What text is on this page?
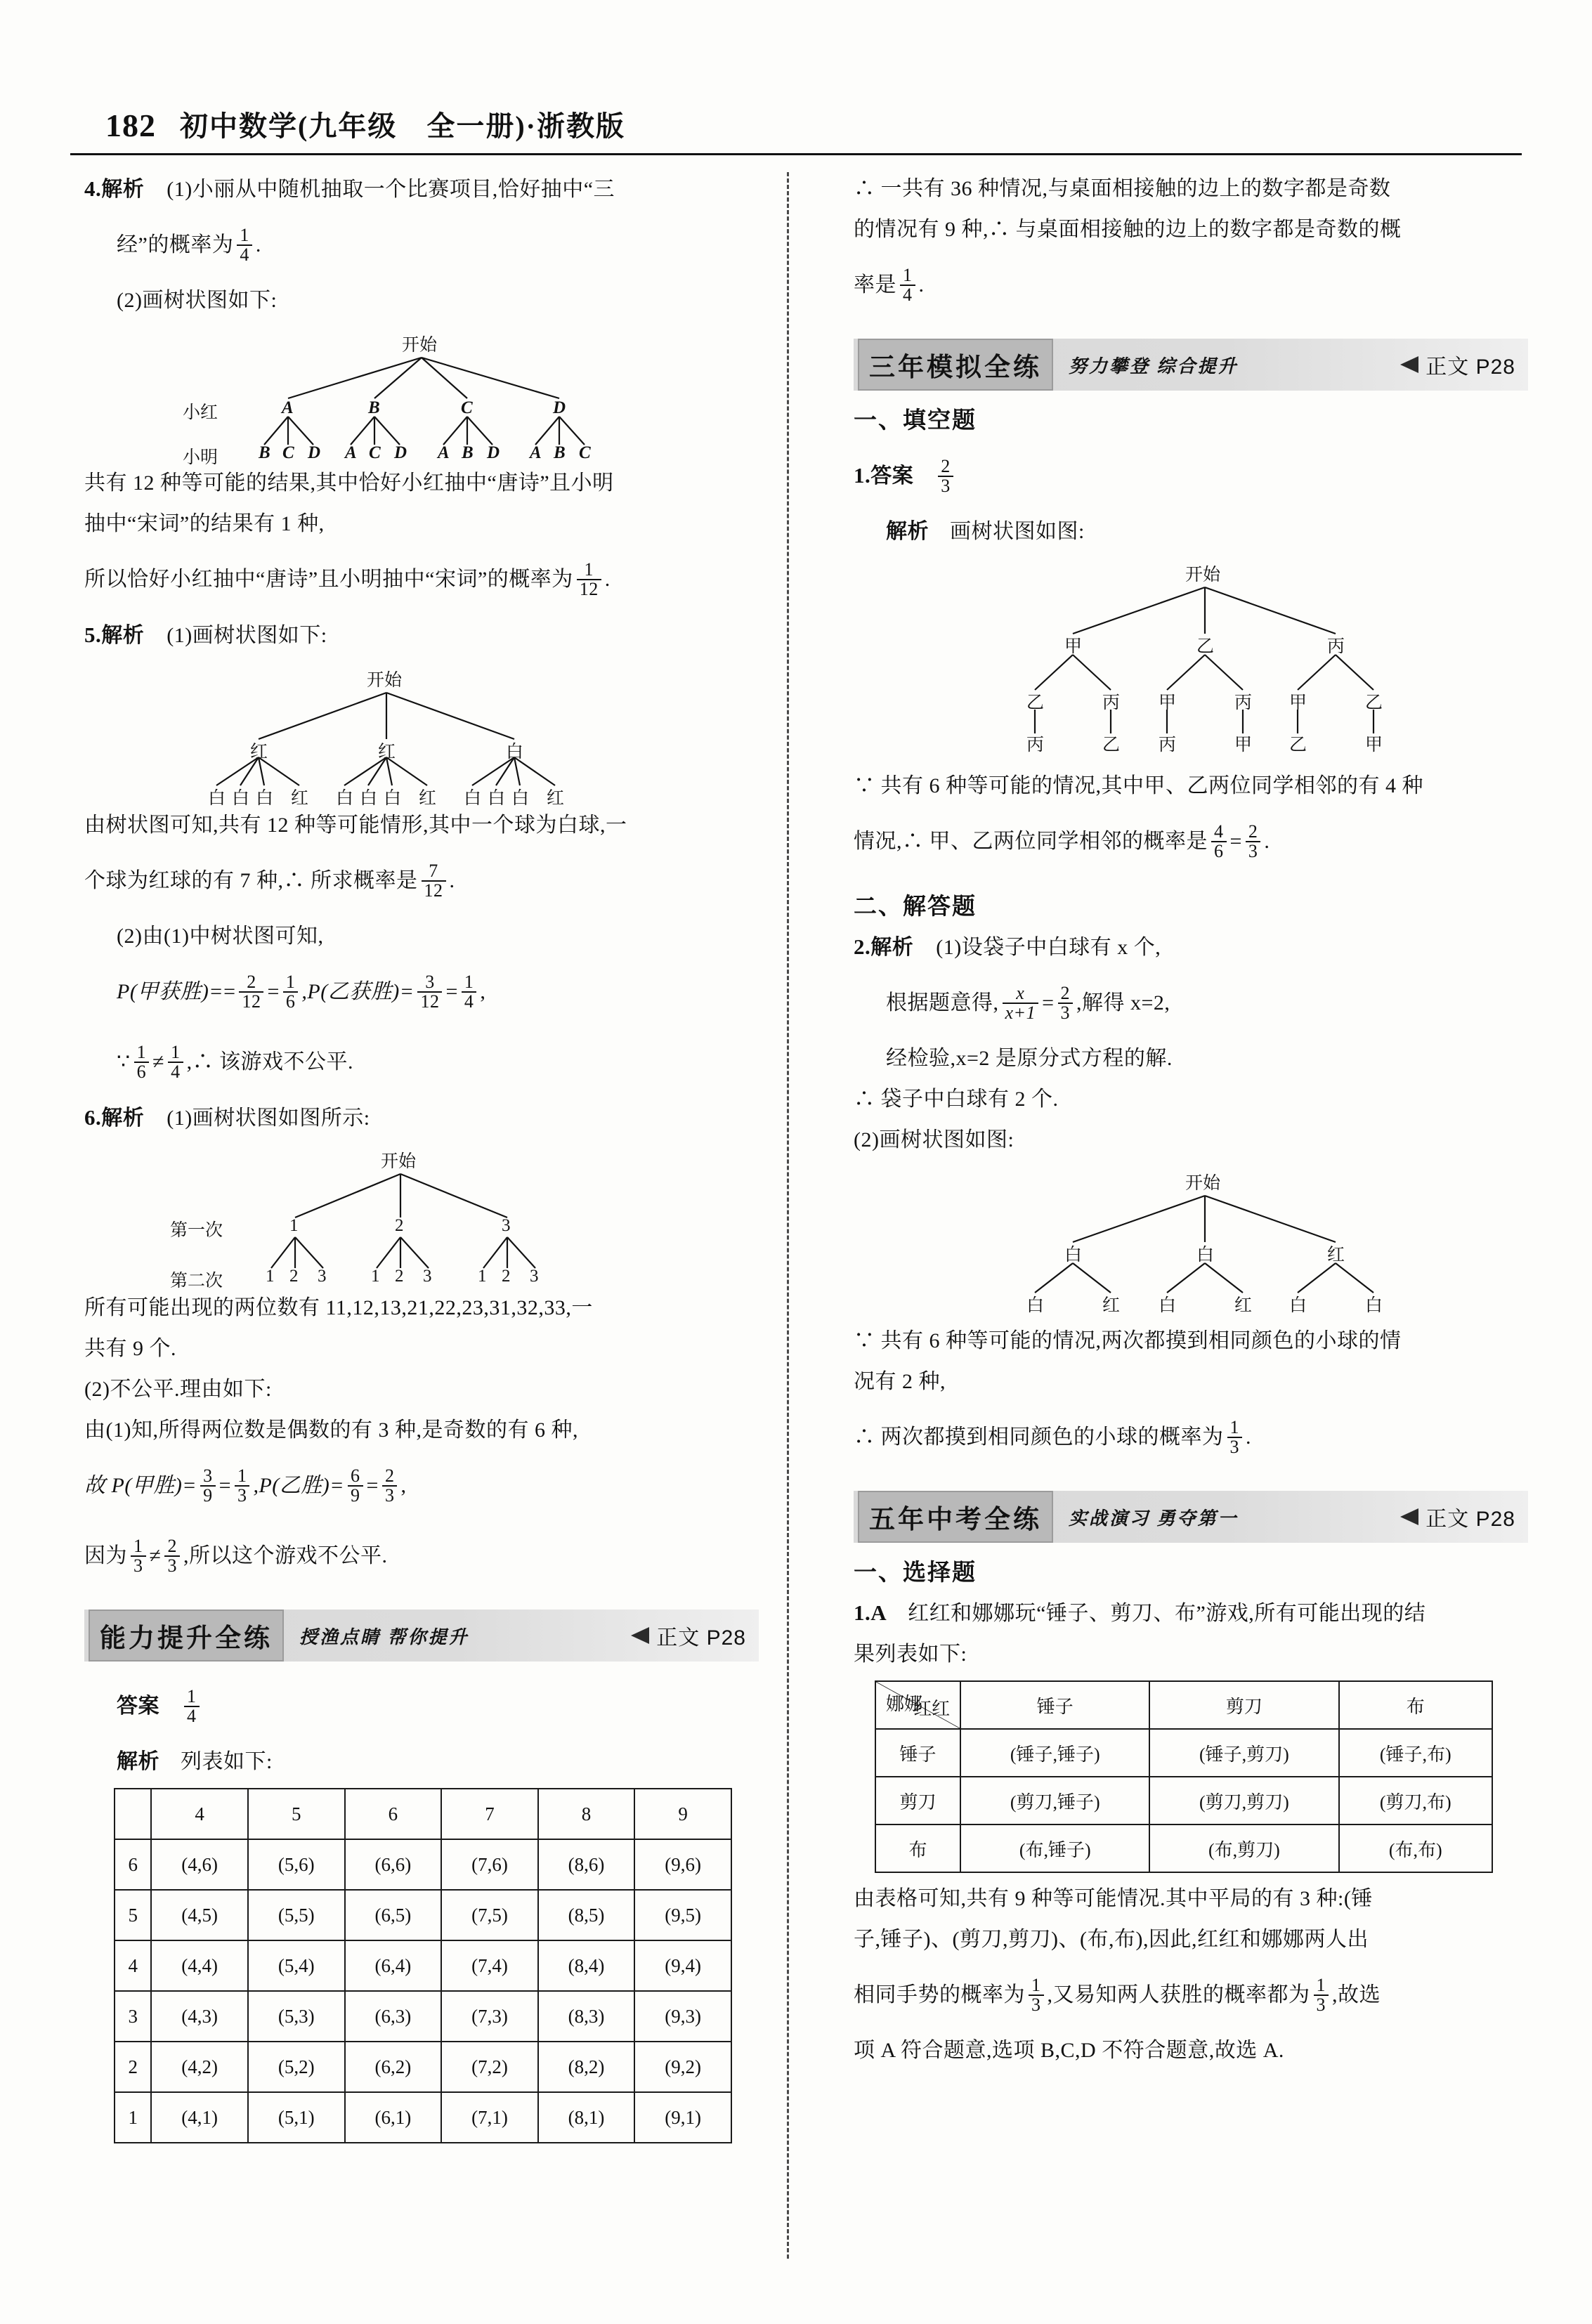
182 初中数学(九年级　全一册)·浙教版
4.解析 (1)小丽从中随机抽取一个比赛项目,恰好抽中“三
经”的概率为 $\frac{1}{4}$ .
(2)画树状图如下:
开始
小红	A	B	C	D
小明 B C D A C D A B D A B C
共有 12 种等可能的结果,其中恰好小红抽中“唐诗”且小明
抽中“宋词”的结果有 1 种,
所以恰好小红抽中“唐诗”且小明抽中“宋词”的概率为 $\frac{1}{12}$ .
5.解析 (1)画树状图如下:
开始
红	红	白
白 白 白 红 白 白 白 红 白 白 白 红
由树状图可知,共有 12 种等可能情形,其中一个球为白球,一
个球为红球的有 7 种,∴ 所求概率是 $\frac{7}{12}$ .
(2)由(1)中树状图可知,
P(甲获胜)== $\frac{2}{12} = \frac{1}{6} ,P$(乙获胜)= $\frac{3}{12} = \frac{1}{4}$ ,
∵ $\frac{1}{6} \ne \frac{1}{4}$ ,∴ 该游戏不公平.
6.解析 (1)画树状图如图所示:
开始
第一次	1	2	3
第二次 1 2 3	1 2 3	1 2 3
所有可能出现的两位数有 11,12,13,21,22,23,31,32,33,一
共有 9 个.
(2)不公平.理由如下:
由(1)知,所得两位数是偶数的有 3 种,是奇数的有 6 种,
故 P(甲胜)= $\frac{3}{9} = \frac{1}{3} ,P$(乙胜)= $\frac{6}{9} = \frac{2}{3}$ ,
因为 $\frac{1}{3} \ne \frac{2}{3}$ ,所以这个游戏不公平.
能力提升全练	授渔点睛 帮你提升	正文 P28
答案 $\frac{1}{4}$
解析 列表如下:
	4	5	6	7	8	9
6	(4,6)	(5,6)	(6,6)	(7,6)	(8,6)	(9,6)
5	(4,5)	(5,5)	(6,5)	(7,5)	(8,5)	(9,5)
4	(4,4)	(5,4)	(6,4)	(7,4)	(8,4)	(9,4)
3	(4,3)	(5,3)	(6,3)	(7,3)	(8,3)	(9,3)
2	(4,2)	(5,2)	(6,2)	(7,2)	(8,2)	(9,2)
1	(4,1)	(5,1)	(6,1)	(7,1)	(8,1)	(9,1)
∴ 一共有 36 种情况,与桌面相接触的边上的数字都是奇数
的情况有 9 种,∴ 与桌面相接触的边上的数字都是奇数的概
率是 $\frac{1}{4}$ .
三年模拟全练	努力攀登 综合提升	正文 P28
一、填空题
1.答案 $\frac{2}{3}$
解析 画树状图如图:
开始
甲	乙	丙
乙	丙 甲	丙 甲	乙
丙	乙 丙	甲 乙	甲
∵ 共有 6 种等可能的情况,其中甲、乙两位同学相邻的有 4 种
情况,∴ 甲、乙两位同学相邻的概率是 $\frac{4}{6} = \frac{2}{3}$ .
二、解答题
2.解析 (1)设袋子中白球有 x 个,
根据题意得, $\frac{x}{x+1} = \frac{2}{3}$ ,解得 x=2,
经检验,x=2 是原分式方程的解.
∴ 袋子中白球有 2 个.
(2)画树状图如图:
开始
白	白	红
白	红 白	红 白	白
∵ 共有 6 种等可能的情况,两次都摸到相同颜色的小球的情
况有 2 种,
∴ 两次都摸到相同颜色的小球的概率为 $\frac{1}{3}$ .
五年中考全练	实战演习 勇夺第一	正文 P28
一、选择题
1.A 红红和娜娜玩“锤子、剪刀、布”游戏,所有可能出现的结
果列表如下:
红红
娜娜	锤子	剪刀	布
锤子	(锤子,锤子)	(锤子,剪刀)	(锤子,布)
剪刀	(剪刀,锤子)	(剪刀,剪刀)	(剪刀,布)
布	(布,锤子)	(布,剪刀)	(布,布)
由表格可知,共有 9 种等可能情况.其中平局的有 3 种:(锤
子,锤子)、(剪刀,剪刀)、(布,布),因此,红红和娜娜两人出
相同手势的概率为 $\frac{1}{3}$ ,又易知两人获胜的概率都为 $\frac{1}{3}$ ,故选
项 A 符合题意,选项 B,C,D 不符合题意,故选 A.
